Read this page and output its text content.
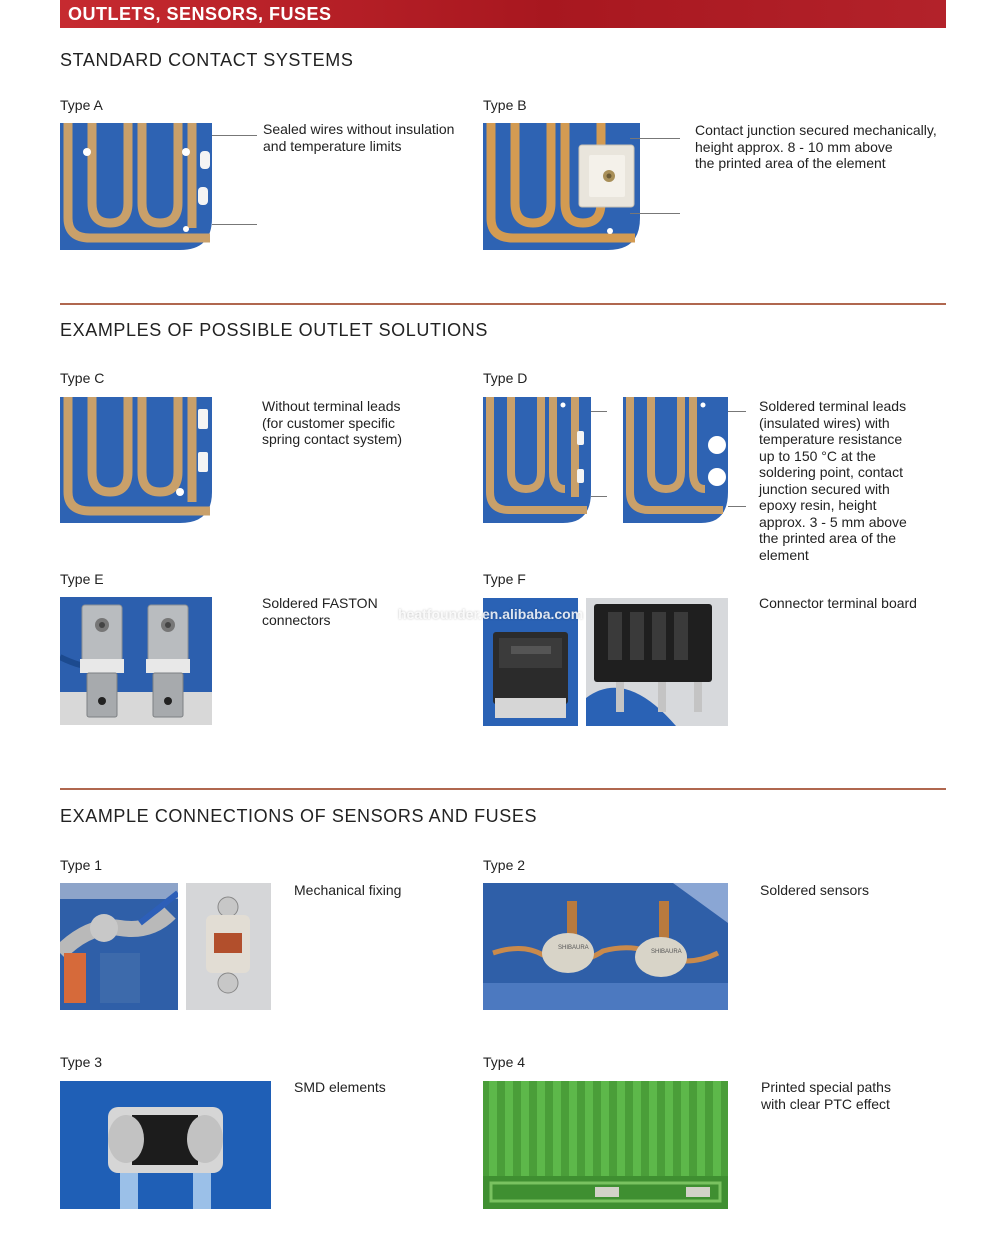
OUTLETS, SENSORS, FUSES
STANDARD CONTACT SYSTEMS
Type A
Sealed wires without insulation
and temperature limits
Type B
Contact junction secured mechanically,
height approx. 8 - 10 mm above
the printed area of the element
EXAMPLES OF POSSIBLE OUTLET SOLUTIONS
Type C
Without terminal leads
(for customer specific
spring contact system)
Type D
Soldered terminal leads
(insulated wires) with
temperature resistance
up to 150 °C at the
soldering point, contact
junction secured with
epoxy resin, height
approx. 3 - 5 mm above
the printed area of the
element
Type E
Soldered FASTON
connectors
Type F
heatfounder.en.alibaba.com
Connector terminal board
EXAMPLE CONNECTIONS OF SENSORS AND FUSES
Type 1
Mechanical fixing
Type 2
SHIBAURA
SHIBAURA
Soldered sensors
Type 3
SMD elements
Type 4
Printed special paths
with clear PTC effect
